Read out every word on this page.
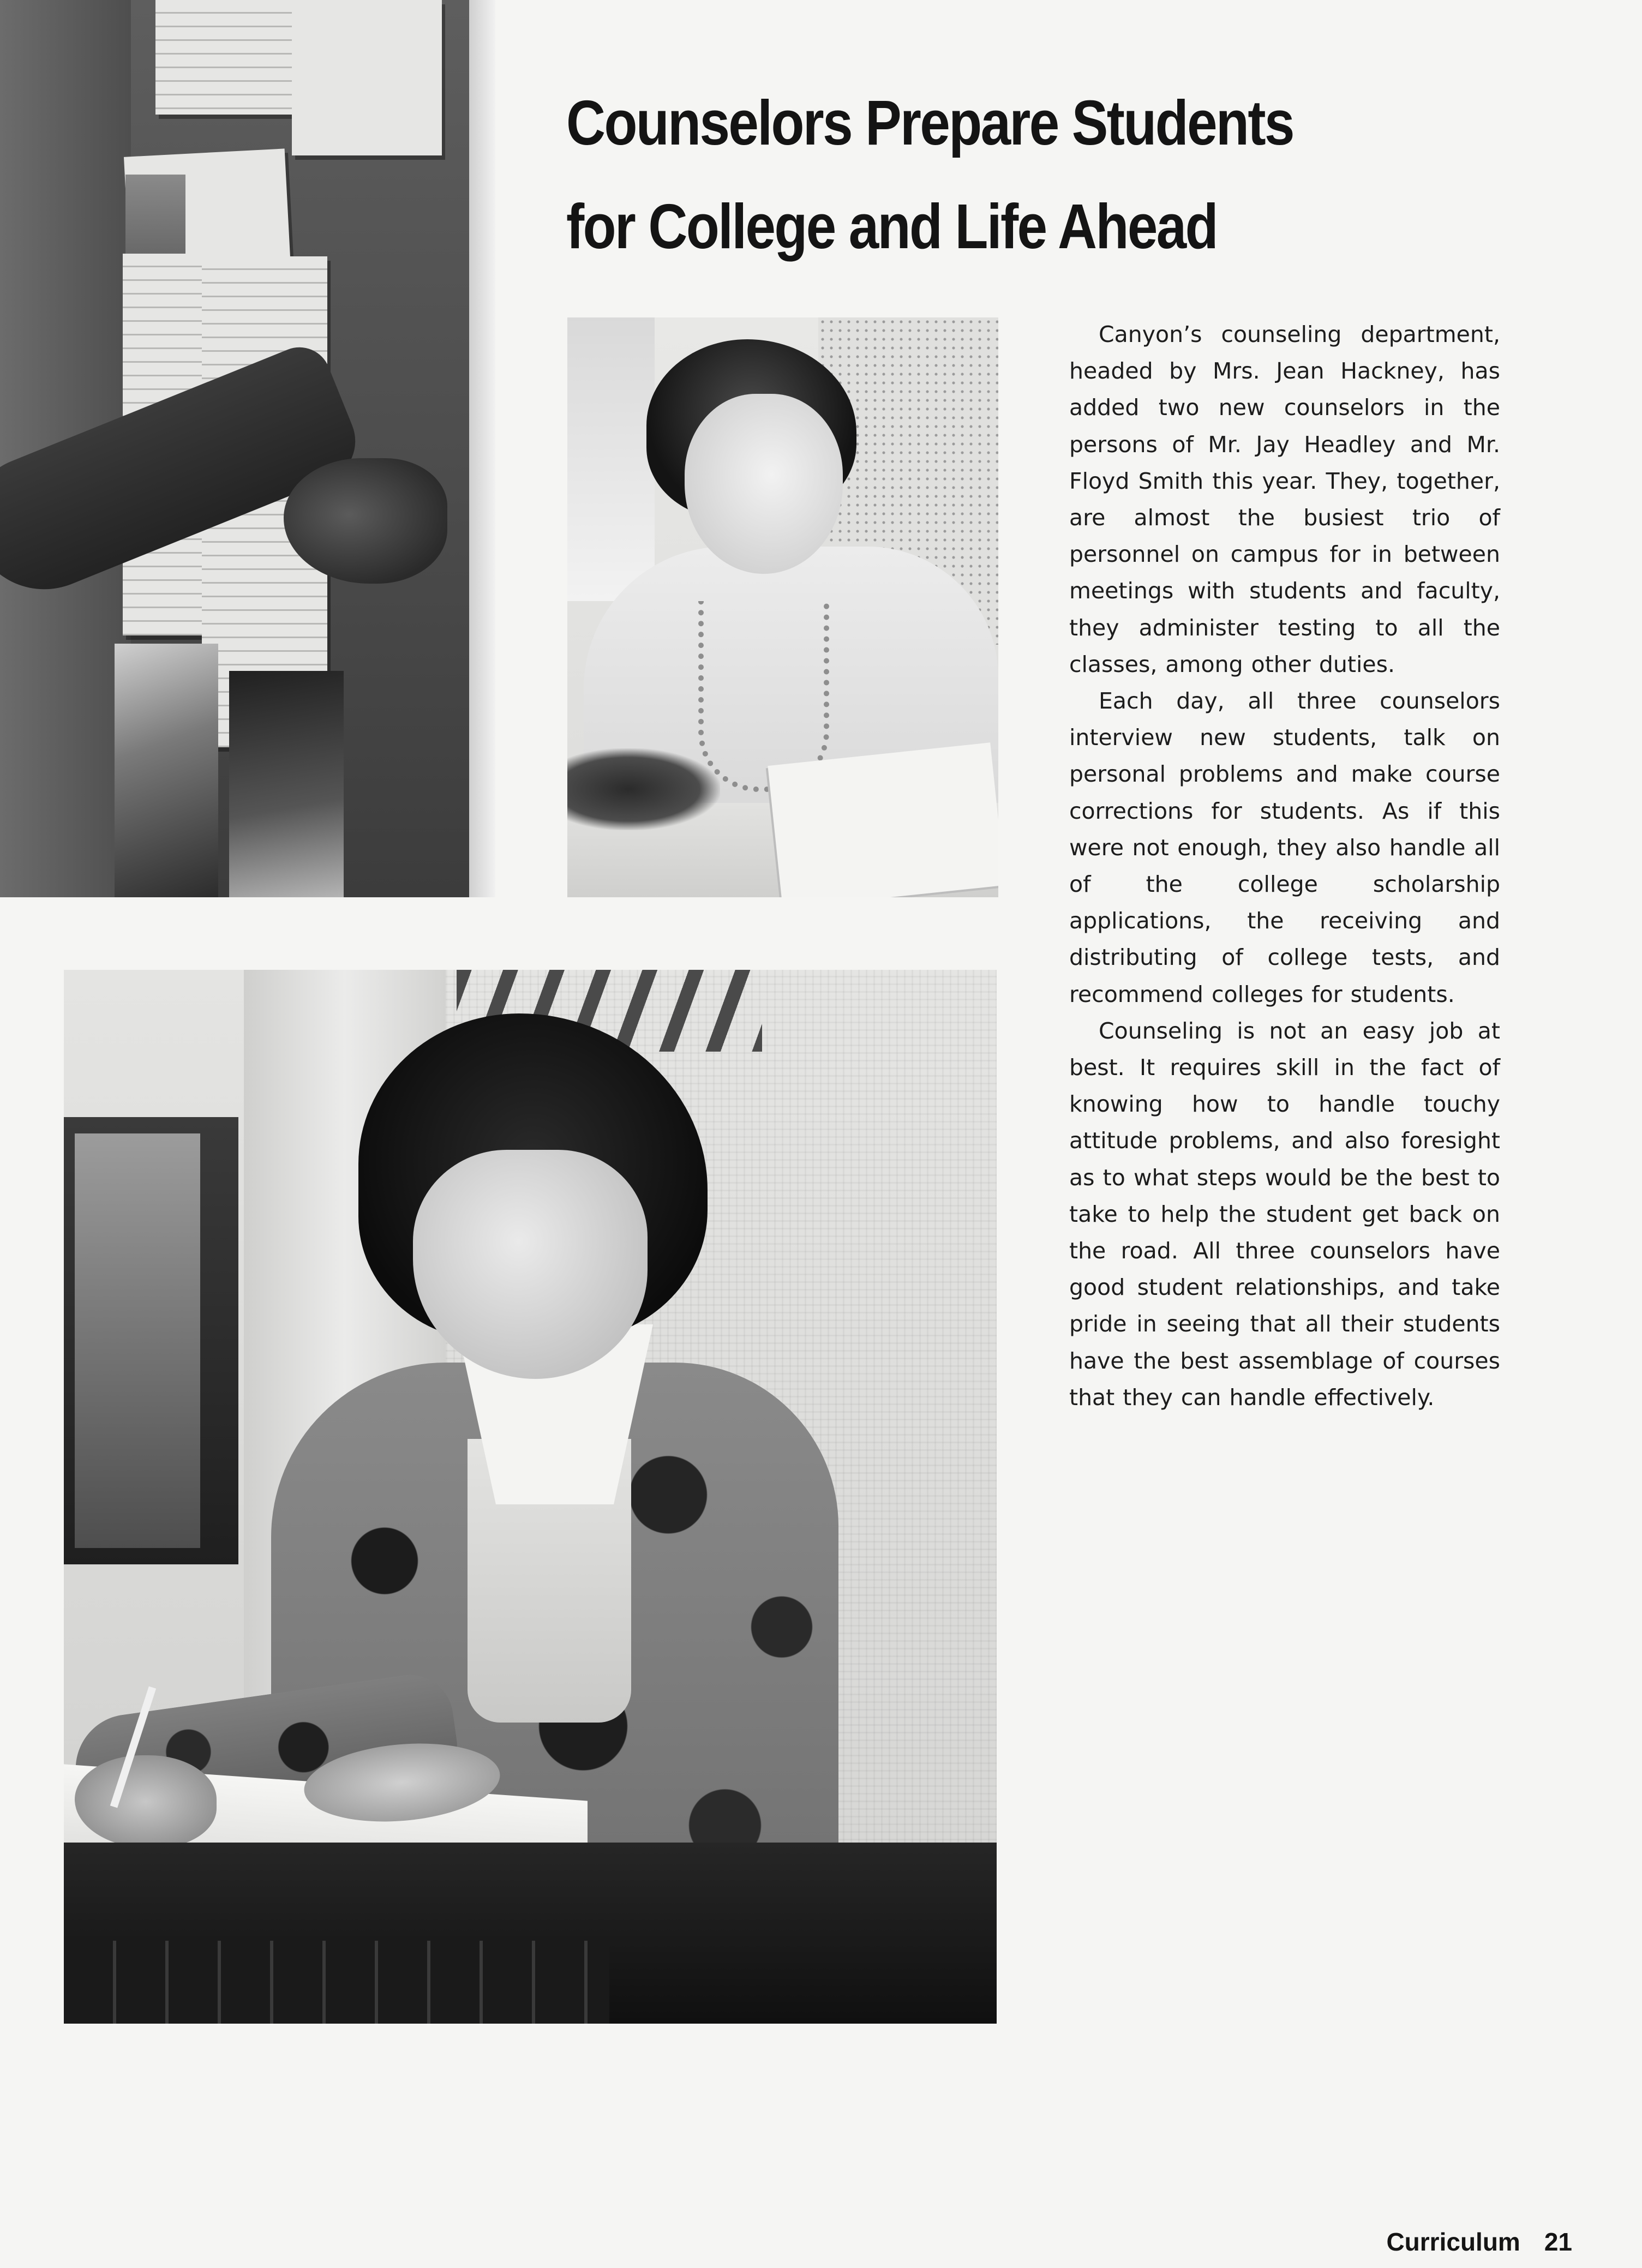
Counselors Prepare Students
for College and Life Ahead

Canyon’s counseling department, headed by Mrs. Jean Hackney, has added two new counselors in the persons of Mr. Jay Headley and Mr. Floyd Smith this year. They, together, are almost the busiest trio of personnel on campus for in between meetings with students and faculty, they administer testing to all the classes, among other duties.

Each day, all three counselors interview new students, talk on personal problems and make course corrections for students. As if this were not enough, they also handle all of the college scholarship applications, the receiving and distributing of college tests, and recommend colleges for students.

Counseling is not an easy job at best. It requires skill in the fact of knowing how to handle touchy attitude problems, and also foresight as to what steps would be the best to take to help the student get back on the road. All three counselors have good student relationships, and take pride in seeing that all their students have the best assemblage of courses that they can handle effectively.

Curriculum 21
